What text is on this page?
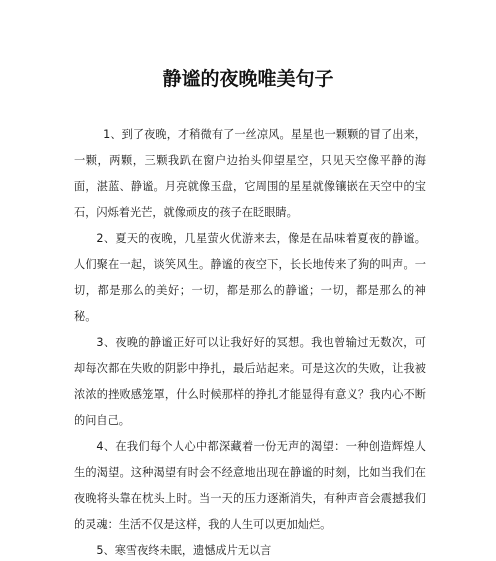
静谧的夜晚唯美句子

1、到了夜晚，才稍微有了一丝凉风。星星也一颗颗的冒了出来，一颗，两颗，三颗我趴在窗户边抬头仰望星空，只见天空像平静的海面，湛蓝、静谧。月亮就像玉盘，它周围的星星就像镶嵌在天空中的宝石，闪烁着光芒，就像顽皮的孩子在眨眼睛。

2、夏天的夜晚，几星萤火优游来去，像是在品味着夏夜的静谧。人们聚在一起，谈笑风生。静谧的夜空下，长长地传来了狗的叫声。一切，都是那么的美好；一切，都是那么的静谧；一切，都是那么的神秘。

3、夜晚的静谧正好可以让我好好的冥想。我也曾输过无数次，可却每次都在失败的阴影中挣扎，最后站起来。可是这次的失败，让我被浓浓的挫败感笼罩，什么时候那样的挣扎才能显得有意义？我内心不断的问自己。

4、在我们每个人心中都深藏着一份无声的渴望：一种创造辉煌人生的渴望。这种渴望有时会不经意地出现在静谧的时刻，比如当我们在夜晚将头靠在枕头上时。当一天的压力逐渐消失，有种声音会震撼我们的灵魂：生活不仅是这样，我的人生可以更加灿烂。

5、寒雪夜终未眠，遗憾成片无以言
